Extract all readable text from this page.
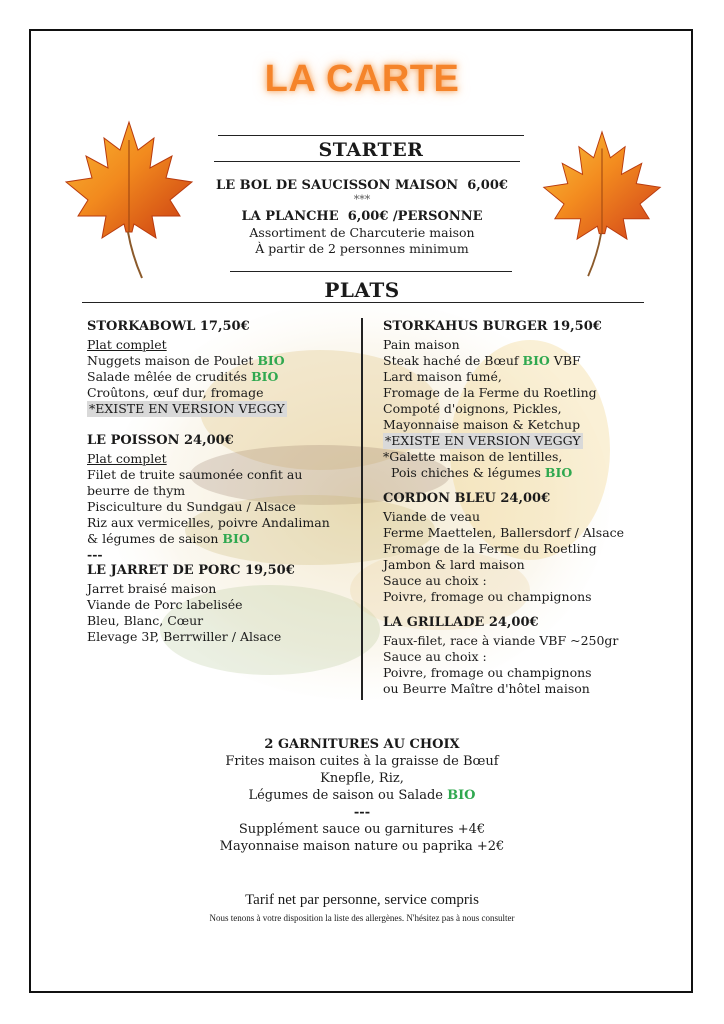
LA CARTE
STARTER
LE BOL DE SAUCISSON MAISON 6,00€
***
LA PLANCHE 6,00€ /PERSONNE
Assortiment de Charcuterie maison
À partir de 2 personnes minimum
PLATS
STORKABOWL 17,50€
Plat complet
Nuggets maison de Poulet BIO
Salade mêlée de crudités BIO
Croûtons, œuf dur, fromage
*EXISTE EN VERSION VEGGY
LE POISSON 24,00€
Plat complet
Filet de truite saumonée confit au
beurre de thym
Pisciculture du Sundgau / Alsace
Riz aux vermicelles, poivre Andaliman
& légumes de saison BIO
---
LE JARRET DE PORC 19,50€
Jarret braisé maison
Viande de Porc labelisée
Bleu, Blanc, Cœur
Elevage 3P, Berrwiller / Alsace
STORKAHUS BURGER 19,50€
Pain maison
Steak haché de Bœuf BIO VBF
Lard maison fumé,
Fromage de la Ferme du Roetling
Compoté d'oignons, Pickles,
Mayonnaise maison & Ketchup
*EXISTE EN VERSION VEGGY
*Galette maison de lentilles,
Pois chiches & légumes BIO
CORDON BLEU 24,00€
Viande de veau
Ferme Maettelen, Ballersdorf / Alsace
Fromage de la Ferme du Roetling
Jambon & lard maison
Sauce au choix :
Poivre, fromage ou champignons
LA GRILLADE 24,00€
Faux-filet, race à viande VBF ~250gr
Sauce au choix :
Poivre, fromage ou champignons
ou Beurre Maître d'hôtel maison
2 GARNITURES AU CHOIX
Frites maison cuites à la graisse de Bœuf
Knepfle, Riz,
Légumes de saison ou Salade BIO
---
Supplément sauce ou garnitures +4€
Mayonnaise maison nature ou paprika +2€
Tarif net par personne, service compris
Nous tenons à votre disposition la liste des allergènes. N'hésitez pas à nous consulter
